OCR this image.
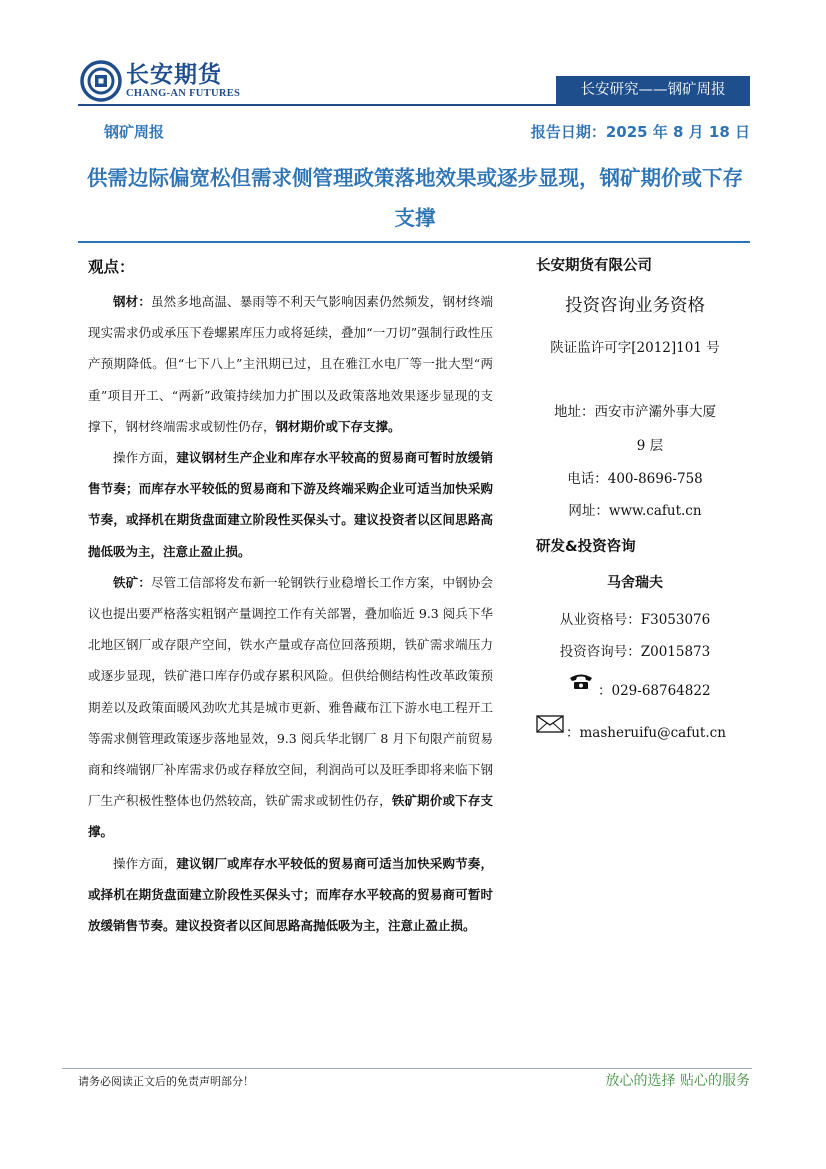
长安期货
CHANG-AN FUTURES	长安研究——钢矿周报
钢矿周报	报告日期：2025 年 8 月 18 日
供需边际偏宽松但需求侧管理政策落地效果或逐步显现，钢矿期价或下存支撑
观点：

钢材：虽然多地高温、暴雨等不利天气影响因素仍然频发，钢材终端现实需求仍或承压下卷螺累库压力或将延续，叠加“一刀切”强制行政性压产预期降低。但“七下八上”主汛期已过，且在雅江水电厂等一批大型“两重”项目开工、“两新”政策持续加力扩围以及政策落地效果逐步显现的支撑下，钢材终端需求或韧性仍存，钢材期价或下存支撑。

操作方面，建议钢材生产企业和库存水平较高的贸易商可暂时放缓销售节奏；而库存水平较低的贸易商和下游及终端采购企业可适当加快采购节奏，或择机在期货盘面建立阶段性买保头寸。建议投资者以区间思路高抛低吸为主，注意止盈止损。

铁矿：尽管工信部将发布新一轮钢铁行业稳增长工作方案，中钢协会议也提出要严格落实粗钢产量调控工作有关部署，叠加临近 9.3 阅兵下华北地区钢厂或存限产空间，铁水产量或存高位回落预期，铁矿需求端压力或逐步显现，铁矿港口库存仍或存累积风险。但供给侧结构性改革政策预期差以及政策面暖风劲吹尤其是城市更新、雅鲁藏布江下游水电工程开工等需求侧管理政策逐步落地显效，9.3 阅兵华北钢厂 8 月下旬限产前贸易商和终端钢厂补库需求仍或存释放空间，利润尚可以及旺季即将来临下钢厂生产积极性整体也仍然较高，铁矿需求或韧性仍存，铁矿期价或下存支撑。

操作方面，建议钢厂或库存水平较低的贸易商可适当加快采购节奏，或择机在期货盘面建立阶段性买保头寸；而库存水平较高的贸易商可暂时放缓销售节奏。建议投资者以区间思路高抛低吸为主，注意止盈止损。

长安期货有限公司
投资咨询业务资格
陕证监许可字[2012]101 号
地址：西安市浐灞外事大厦
9 层
电话：400-8696-758
网址：www.cafut.cn
研发&投资咨询
马舍瑞夫
从业资格号：F3053076
投资咨询号：Z0015873
：029-68764822
：masheruifu@cafut.cn
请务必阅读正文后的免责声明部分！	放心的选择 贴心的服务
